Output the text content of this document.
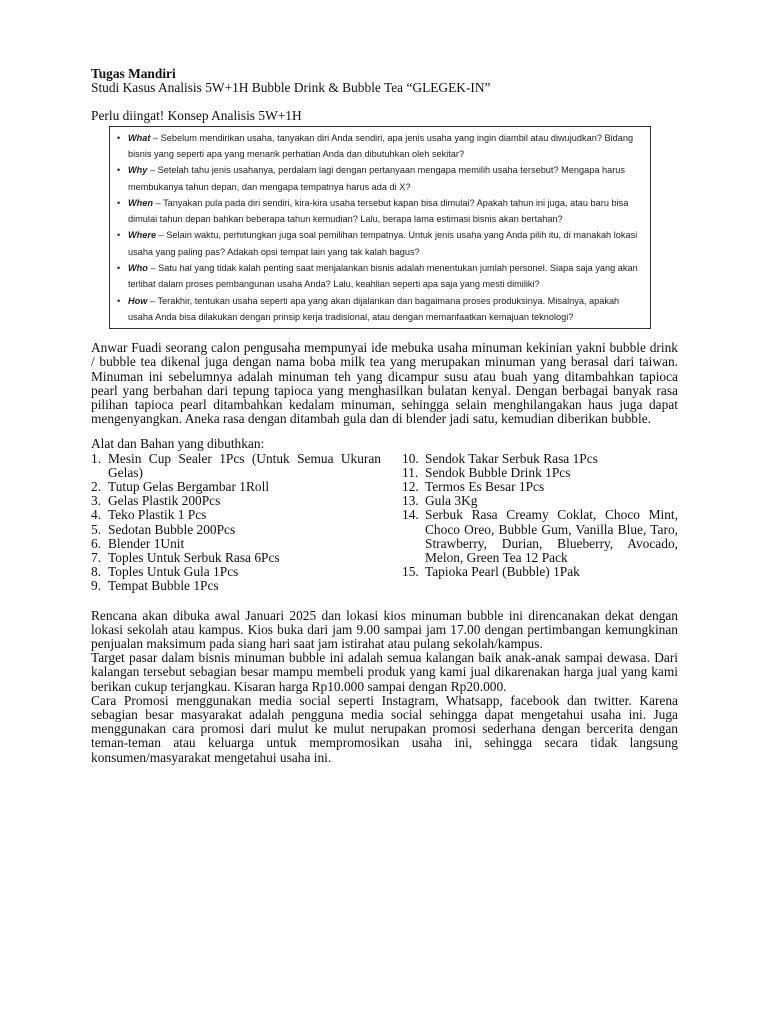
Tugas Mandiri
Studi Kasus Analisis 5W+1H Bubble Drink & Bubble Tea “GLEGEK-IN”
Perlu diingat! Konsep Analisis 5W+1H
• What – Sebelum mendirikan usaha, tanyakan diri Anda sendiri, apa jenis usaha yang ingin diambil atau diwujudkan? Bidang bisnis yang seperti apa yang menarik perhatian Anda dan dibutuhkan oleh sekitar?
• Why – Setelah tahu jenis usahanya, perdalam lagi dengan pertanyaan mengapa memilih usaha tersebut? Mengapa harus membukanya tahun depan, dan mengapa tempatnya harus ada di X?
• When – Tanyakan pula pada diri sendiri, kira-kira usaha tersebut kapan bisa dimulai? Apakah tahun ini juga, atau baru bisa dimulai tahun depan bahkan beberapa tahun kemudian? Lalu, berapa lama estimasi bisnis akan bertahan?
• Where – Selain waktu, perhitungkan juga soal pemilihan tempatnya. Untuk jenis usaha yang Anda pilih itu, di manakah lokasi usaha yang paling pas? Adakah opsi tempat lain yang tak kalah bagus?
• Who – Satu hal yang tidak kalah penting saat menjalankan bisnis adalah menentukan jumlah personel. Siapa saja yang akan terlibat dalam proses pembangunan usaha Anda? Lalu, keahlian seperti apa saja yang mesti dimiliki?
• How – Terakhir, tentukan usaha seperti apa yang akan dijalankan dan bagaimana proses produksinya. Misalnya, apakah usaha Anda bisa dilakukan dengan prinsip kerja tradisional, atau dengan memanfaatkan kemajuan teknologi?
Anwar Fuadi seorang calon pengusaha mempunyai ide mebuka usaha minuman kekinian yakni bubble drink / bubble tea dikenal juga dengan nama boba milk tea yang merupakan minuman yang berasal dari taiwan. Minuman ini sebelumnya adalah minuman teh yang dicampur susu atau buah yang ditambahkan tapioca pearl yang berbahan dari tepung tapioca yang menghasilkan bulatan kenyal. Dengan berbagai banyak rasa pilihan tapioca pearl ditambahkan kedalam minuman, sehingga selain menghilangakan haus juga dapat mengenyangkan. Aneka rasa dengan ditambah gula dan di blender jadi satu, kemudian diberikan bubble.
Alat dan Bahan yang dibuthkan:
1. Mesin Cup Sealer 1Pcs (Untuk Semua Ukuran Gelas)
2. Tutup Gelas Bergambar 1Roll
3. Gelas Plastik 200Pcs
4. Teko Plastik 1 Pcs
5. Sedotan Bubble 200Pcs
6. Blender 1Unit
7. Toples Untuk Serbuk Rasa 6Pcs
8. Toples Untuk Gula 1Pcs
9. Tempat Bubble 1Pcs
10. Sendok Takar Serbuk Rasa 1Pcs
11. Sendok Bubble Drink 1Pcs
12. Termos Es Besar 1Pcs
13. Gula 3Kg
14. Serbuk Rasa Creamy Coklat, Choco Mint, Choco Oreo, Bubble Gum, Vanilla Blue, Taro, Strawberry, Durian, Blueberry, Avocado, Melon, Green Tea 12 Pack
15. Tapioka Pearl (Bubble) 1Pak
Rencana akan dibuka awal Januari 2025 dan lokasi kios minuman bubble ini direncanakan dekat dengan lokasi sekolah atau kampus. Kios buka dari jam 9.00 sampai jam 17.00 dengan pertimbangan kemungkinan penjualan maksimum pada siang hari saat jam istirahat atau pulang sekolah/kampus.
Target pasar dalam bisnis minuman bubble ini adalah semua kalangan baik anak-anak sampai dewasa. Dari kalangan tersebut sebagian besar mampu membeli produk yang kami jual dikarenakan harga jual yang kami berikan cukup terjangkau. Kisaran harga Rp10.000 sampai dengan Rp20.000.
Cara Promosi menggunakan media social seperti Instagram, Whatsapp, facebook dan twitter. Karena sebagian besar masyarakat adalah pengguna media social sehingga dapat mengetahui usaha ini. Juga menggunakan cara promosi dari mulut ke mulut nerupakan promosi sederhana dengan bercerita dengan teman-teman atau keluarga untuk mempromosikan usaha ini, sehingga secara tidak langsung konsumen/masyarakat mengetahui usaha ini.
